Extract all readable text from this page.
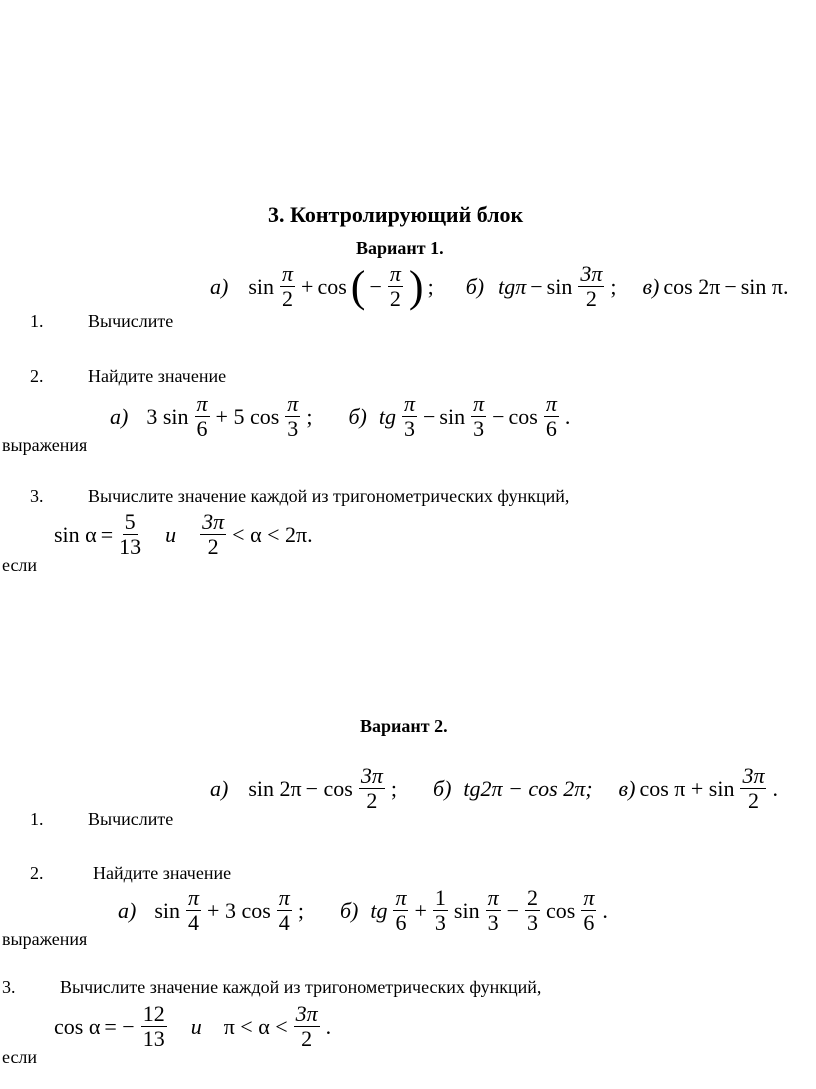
3. Контролирующий блок
Вариант 1.
1. Вычислите
а) $\sin \frac{\pi}{2} + \cos$ ( − $\frac{\pi}{2}$ ) ; б) $tg\pi - \sin \frac{3\pi}{2}$ ; в) cos 2π − sin π.
2. Найдите значение
выражения
а) 3 $\sin \frac{\pi}{6} + 5$ $\cos \frac{\pi}{3}$ ; б) tg $\frac{\pi}{3} - \sin \frac{\pi}{3} - \cos \frac{\pi}{6}$ .
3. Вычислите значение каждой из тригонометрических функций,
если
$\sin \alpha = \frac{5}{13}$ и $\frac{3\pi}{2} < \alpha < 2\pi$.
Вариант 2.
1. Вычислите
а) $\sin 2\pi - \cos \frac{3\pi}{2}$ ; б) tg2π − cos 2π; в) $\cos \pi + \sin \frac{3\pi}{2}$ .
2.	Найдите значение
выражения
а) $\sin \frac{\pi}{4} + 3$ $\cos \frac{\pi}{4}$ ; б) tg $\frac{\pi}{6} + \frac{1}{3}$ $\sin \frac{\pi}{3} - \frac{2}{3}$ $\cos \frac{\pi}{6}$ .
3. Вычислите значение каждой из тригонометрических функций,
если
cos α = − $\frac{12}{13}$ и $\pi < \alpha < \frac{3\pi}{2}$ .
